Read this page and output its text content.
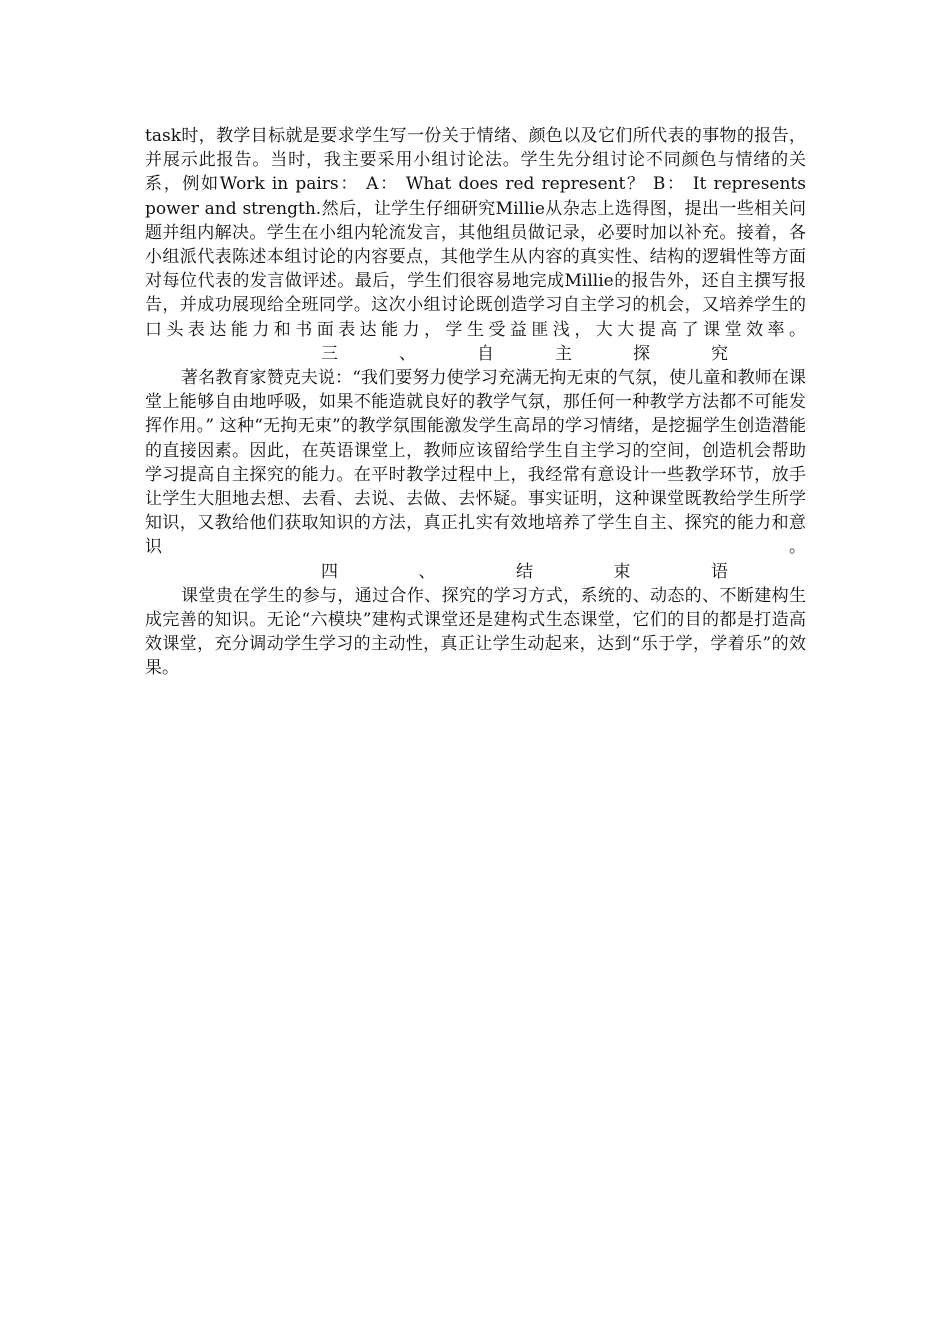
task时，教学目标就是要求学生写一份关于情绪、颜色以及它们所代表的事物的报告，并展示此报告。当时，我主要采用小组讨论法。学生先分组讨论不同颜色与情绪的关系，例如Work in pairs： A： What does red represent？ B： It represents power and strength.然后，让学生仔细研究Millie从杂志上选得图，提出一些相关问题并组内解决。学生在小组内轮流发言，其他组员做记录，必要时加以补充。接着，各小组派代表陈述本组讨论的内容要点，其他学生从内容的真实性、结构的逻辑性等方面对每位代表的发言做评述。最后，学生们很容易地完成Millie的报告外，还自主撰写报告，并成功展现给全班同学。这次小组讨论既创造学习自主学习的机会，又培养学生的口头表达能力和书面表达能力，学生受益匪浅，大大提高了课堂效率。

三、自主探究

著名教育家赞克夫说：“我们要努力使学习充满无拘无束的气氛，使儿童和教师在课堂上能够自由地呼吸，如果不能造就良好的教学气氛，那任何一种教学方法都不可能发挥作用。” 这种“无拘无束”的教学氛围能激发学生高昂的学习情绪，是挖掘学生创造潜能的直接因素。因此，在英语课堂上，教师应该留给学生自主学习的空间，创造机会帮助学习提高自主探究的能力。在平时教学过程中上，我经常有意设计一些教学环节，放手让学生大胆地去想、去看、去说、去做、去怀疑。事实证明，这种课堂既教给学生所学知识，又教给他们获取知识的方法，真正扎实有效地培养了学生自主、探究的能力和意识。

四、结束语

课堂贵在学生的参与，通过合作、探究的学习方式，系统的、动态的、不断建构生成完善的知识。无论“六模块”建构式课堂还是建构式生态课堂，它们的目的都是打造高效课堂，充分调动学生学习的主动性，真正让学生动起来，达到“乐于学，学着乐”的效果。
